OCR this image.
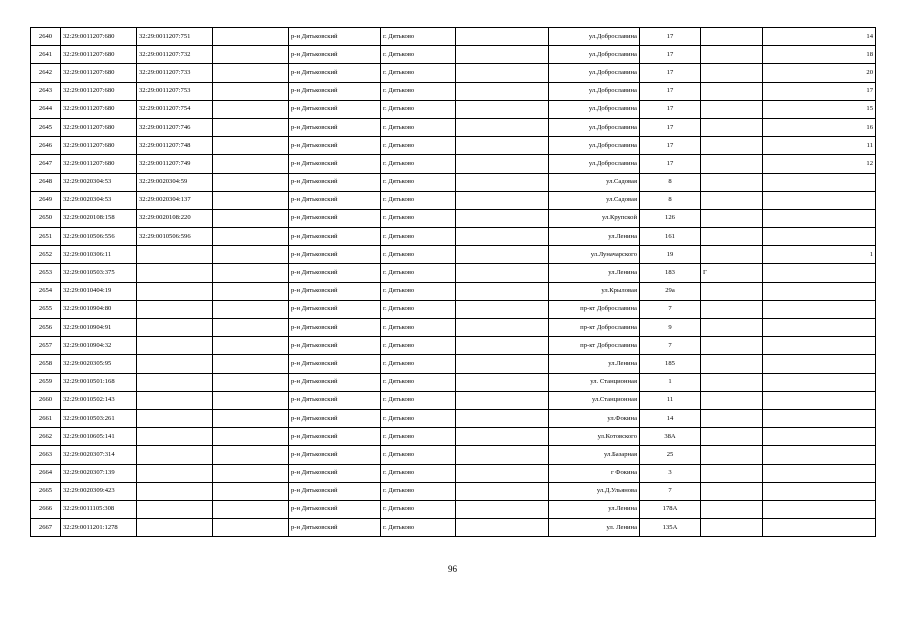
2640	32:29:0011207:680	32:29:0011207:751		р-н Дятьковский	г. Дятьково		ул.Доброславина	17		14
2641	32:29:0011207:680	32:29:0011207:732		р-н Дятьковский	г. Дятьково		ул.Доброславина	17		18
2642	32:29:0011207:680	32:29:0011207:733		р-н Дятьковский	г. Дятьково		ул.Доброславина	17		20
2643	32:29:0011207:680	32:29:0011207:753		р-н Дятьковский	г. Дятьково		ул.Доброславина	17		17
2644	32:29:0011207:680	32:29:0011207:754		р-н Дятьковский	г. Дятьково		ул.Доброславина	17		15
2645	32:29:0011207:680	32:29:0011207:746		р-н Дятьковский	г. Дятьково		ул.Доброславина	17		16
2646	32:29:0011207:680	32:29:0011207:748		р-н Дятьковский	г. Дятьково		ул.Доброславина	17		11
2647	32:29:0011207:680	32:29:0011207:749		р-н Дятьковский	г. Дятьково		ул.Доброславина	17		12
2648	32:29:0020304:53	32:29:0020304:59		р-н Дятьковский	г. Дятьково		ул.Садовая	8		
2649	32:29:0020304:53	32:29:0020304:137		р-н Дятьковский	г. Дятьково		ул.Садовая	8		
2650	32:29:0020108:158	32:29:0020108:220		р-н Дятьковский	г. Дятьково		ул.Крупской	126		
2651	32:29:0010506:556	32:29:0010506:596		р-н Дятьковский	г. Дятьково		ул.Ленина	161		
2652	32:29:0010306:11			р-н Дятьковский	г. Дятьково		ул.Луначарского	19		1
2653	32:29:0010503:375			р-н Дятьковский	г. Дятьково		ул.Ленина	183	Г	
2654	32:29:0010404:19			р-н Дятьковский	г. Дятьково		ул.Крыловая	29а		
2655	32:29:0010904:80			р-н Дятьковский	г. Дятьково		пр-кт Доброславина	7		
2656	32:29:0010904:91			р-н Дятьковский	г. Дятьково		пр-кт Доброславина	9		
2657	32:29:0010904:32			р-н Дятьковский	г. Дятьково		пр-кт Доброславина	7		
2658	32:29:0020305:95			р-н Дятьковский	г. Дятьково		ул.Ленина	185		
2659	32:29:0010501:168			р-н Дятьковский	г. Дятьково		ул. Станционная	1		
2660	32:29:0010502:143			р-н Дятьковский	г. Дятьково		ул.Станционная	11		
2661	32:29:0010503:261			р-н Дятьковский	г. Дятьково		ул.Фокина	14		
2662	32:29:0010605:141			р-н Дятьковский	г. Дятьково		ул.Котовского	38А		
2663	32:29:0020307:314			р-н Дятьковский	г. Дятьково		ул.Базарная	25		
2664	32:29:0020307:139			р-н Дятьковский	г. Дятьково		г Фокина	3		
2665	32:29:0020309:423			р-н Дятьковский	г. Дятьково		ул.Д.Ульянова	7		
2666	32:29:0011105:308			р-н Дятьковский	г. Дятьково		ул.Ленина	178А		
2667	32:29:0011201:1278			р-н Дятьковский	г. Дятьково		ул. Ленина	135А		
96
